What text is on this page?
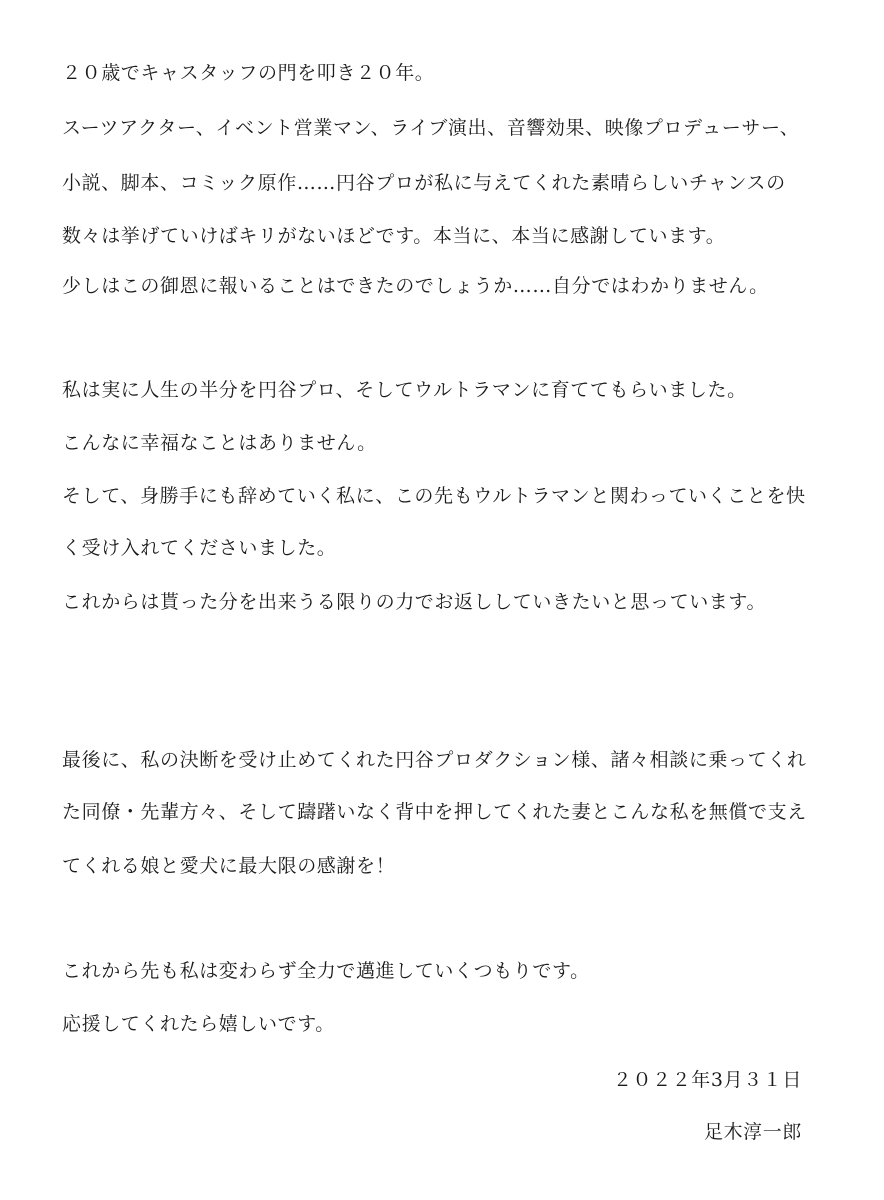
２０歳でキャスタッフの門を叩き２０年。
スーツアクター、イベント営業マン、ライブ演出、音響効果、映像プロデューサー、
小説、脚本、コミック原作……円谷プロが私に与えてくれた素晴らしいチャンスの
数々は挙げていけばキリがないほどです。本当に、本当に感謝しています。
少しはこの御恩に報いることはできたのでしょうか……自分ではわかりません。
私は実に人生の半分を円谷プロ、そしてウルトラマンに育ててもらいました。
こんなに幸福なことはありません。
そして、身勝手にも辞めていく私に、この先もウルトラマンと関わっていくことを快
く受け入れてくださいました。
これからは貰った分を出来うる限りの力でお返ししていきたいと思っています。
最後に、私の決断を受け止めてくれた円谷プロダクション様、諸々相談に乗ってくれ
た同僚・先輩方々、そして躊躇いなく背中を押してくれた妻とこんな私を無償で支え
てくれる娘と愛犬に最大限の感謝を！
これから先も私は変わらず全力で邁進していくつもりです。
応援してくれたら嬉しいです。
２０２２年3月３１日
足木淳一郎
